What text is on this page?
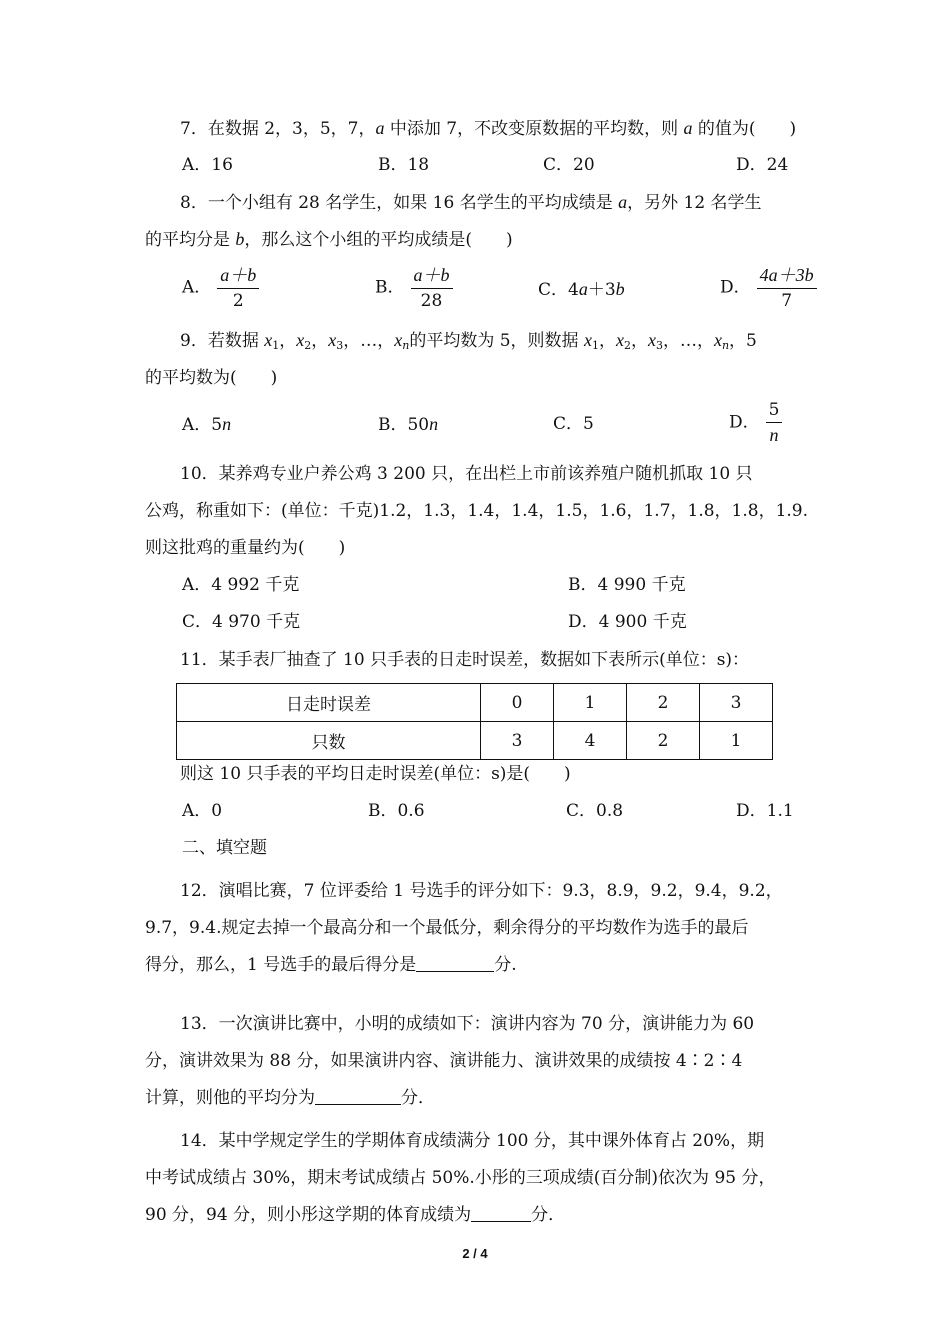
7．在数据 2，3，5，7，a 中添加 7，不改变原数据的平均数，则 a 的值为(　　)
A．16	B．18	C．20	D．24
8．一个小组有 28 名学生，如果 16 名学生的平均成绩是 a，另外 12 名学生
的平均分是 b，那么这个小组的平均成绩是(　　)
A． $\frac{a+b}{2}$	B． $\frac{a+b}{28}$	C．4a＋3b	D． $\frac{4a+3b}{7}$
9．若数据 $x_1$，$x_2$，$x_3$，…，$x_n$的平均数为 5，则数据 $x_1$，$x_2$，$x_3$，…，$x_n$，5
的平均数为(　　)
A．5n	B．50n	C．5	D． $\frac{5}{n}$
10．某养鸡专业户养公鸡 3 200 只，在出栏上市前该养殖户随机抓取 10 只
公鸡，称重如下：(单位：千克)1.2，1.3，1.4，1.4，1.5，1.6，1.7，1.8，1.8，1.9.
则这批鸡的重量约为(　　)
A．4 992 千克	B．4 990 千克
C．4 970 千克	D．4 900 千克
11．某手表厂抽查了 10 只手表的日走时误差，数据如下表所示(单位：s)：
日走时误差	0	1	2	3
只数	3	4	2	1
则这 10 只手表的平均日走时误差(单位：s)是(　　)
A．0	B．0.6	C．0.8	D．1.1
二、填空题
12．演唱比赛，7 位评委给 1 号选手的评分如下：9.3，8.9，9.2，9.4，9.2，
9.7，9.4.规定去掉一个最高分和一个最低分，剩余得分的平均数作为选手的最后
得分，那么，1 号选手的最后得分是	分.
13．一次演讲比赛中，小明的成绩如下：演讲内容为 70 分，演讲能力为 60
分，演讲效果为 88 分，如果演讲内容、演讲能力、演讲效果的成绩按 4∶2∶4
计算，则他的平均分为	分．
14．某中学规定学生的学期体育成绩满分 100 分，其中课外体育占 20%，期
中考试成绩占 30%，期末考试成绩占 50%.小彤的三项成绩(百分制)依次为 95 分，
90 分，94 分，则小彤这学期的体育成绩为	分．
2 / 4
